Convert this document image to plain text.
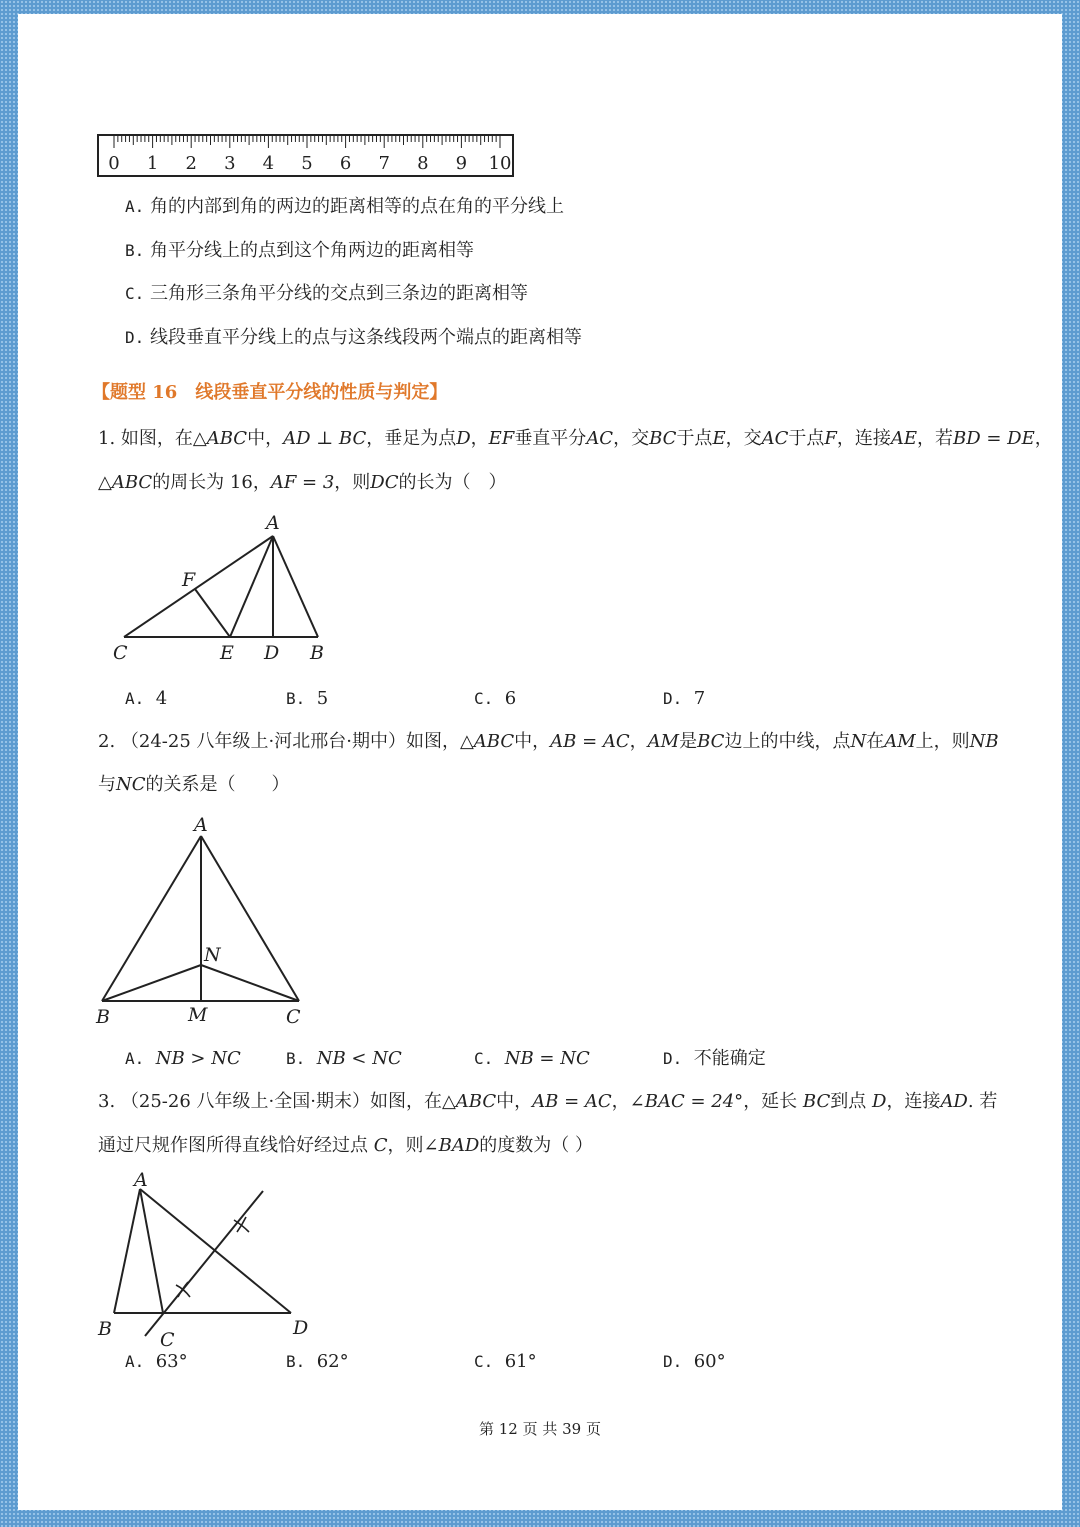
0 1 2 3 4 5 6 7 8 9 10
A. 角的内部到角的两边的距离相等的点在角的平分线上
B. 角平分线上的点到这个角两边的距离相等
C. 三角形三条角平分线的交点到三条边的距离相等
D. 线段垂直平分线上的点与这条线段两个端点的距离相等
【题型 16　线段垂直平分线的性质与判定】
1. 如图，在△ABC中，AD ⊥ BC，垂足为点D，EF垂直平分AC，交BC于点E，交AC于点F，连接AE，若BD = DE，
△ABC的周长为 16，AF = 3，则DC的长为（　）
A
F
C	E D B
A. 4	B. 5	C. 6	D. 7
2. （24-25 八年级上·河北邢台·期中）如图，△ABC中，AB = AC，AM是BC边上的中线，点N在AM上，则NB
与NC的关系是（　　）
A
N
B	M	C
A. NB > NC	B. NB < NC	C. NB = NC	D. 不能确定
3. （25-26 八年级上·全国·期末）如图，在△ABC中，AB = AC，∠BAC = 24°，延长 BC到点 D，连接AD. 若
通过尺规作图所得直线恰好经过点 C，则∠BAD的度数为（ ）
A
B	C
D
A. 63°	B. 62°	C. 61°	D. 60°
第 12 页 共 39 页
